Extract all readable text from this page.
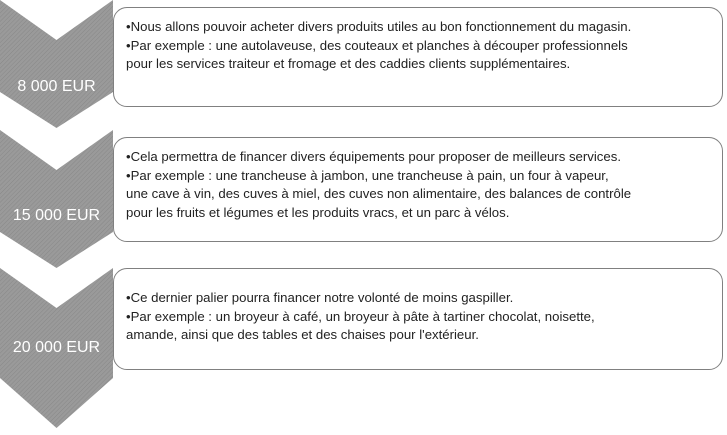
8 000 EUR

•Nous allons pouvoir acheter divers produits utiles au bon fonctionnement du magasin.

•Par exemple : une autolaveuse, des couteaux et planches à découper professionnels

pour les services traiteur et fromage et des caddies clients supplémentaires.

15 000 EUR

•Cela permettra de financer divers équipements pour proposer de meilleurs services.

•Par exemple : une trancheuse à jambon, une trancheuse à pain, un four à vapeur,

une cave à vin, des cuves à miel, des cuves non alimentaire, des balances de contrôle

pour les fruits et légumes et les produits vracs, et un parc à vélos.

20 000 EUR

•Ce dernier palier pourra financer notre volonté de moins gaspiller.

•Par exemple : un broyeur à café, un broyeur à pâte à tartiner chocolat, noisette,

amande, ainsi que des tables et des chaises pour l'extérieur.
